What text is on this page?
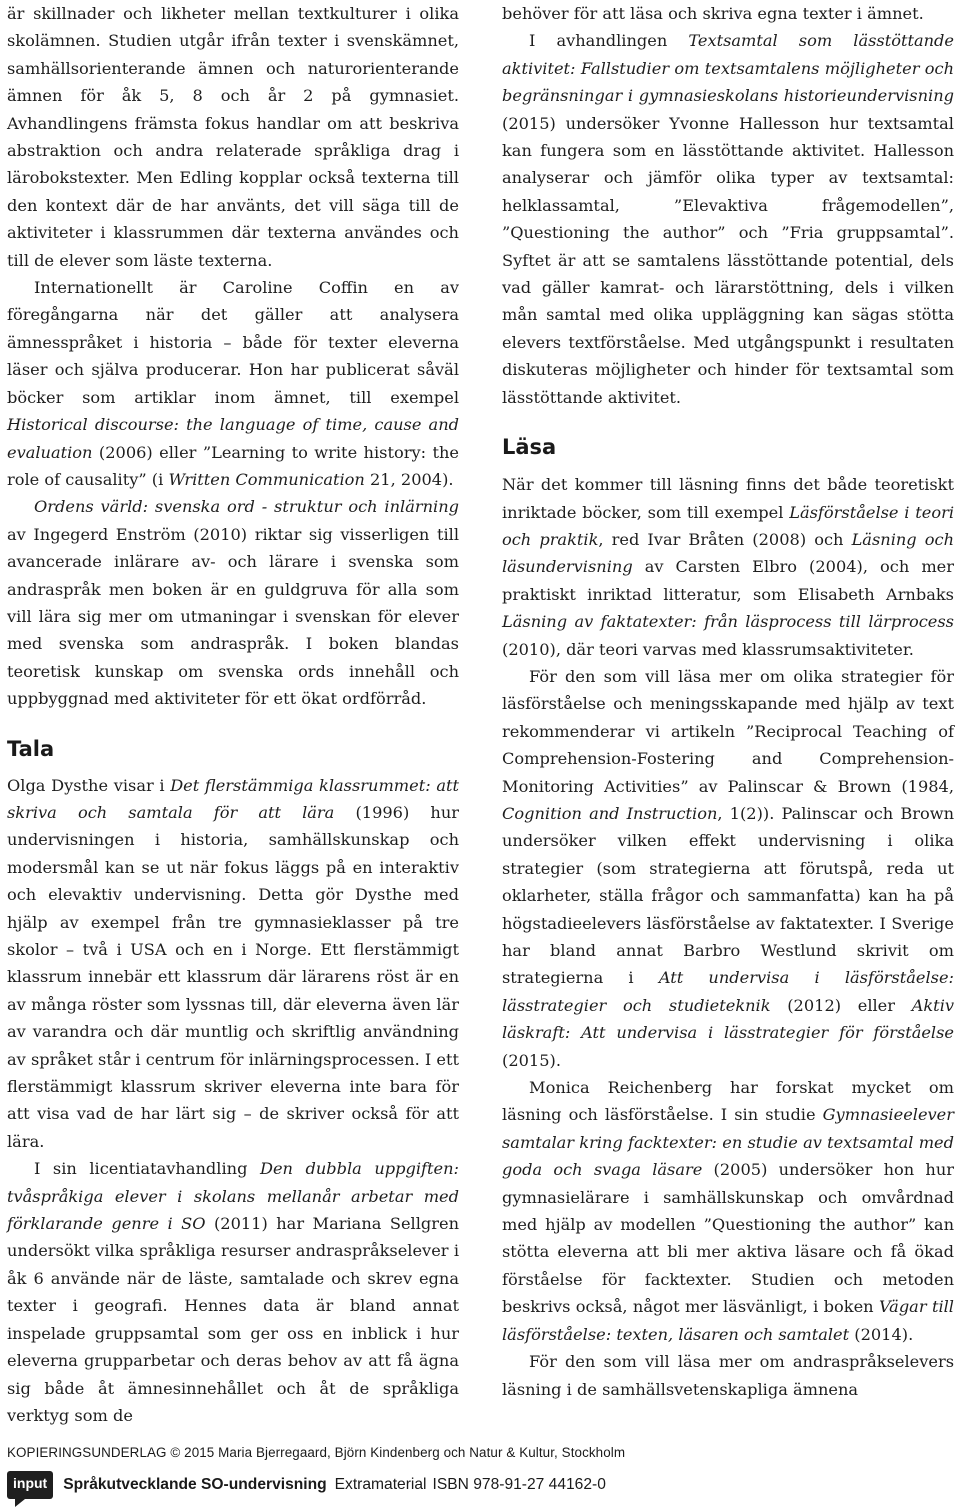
är skillnader och likheter mellan textkulturer i olika skolämnen. Studien utgår ifrån texter i svenskämnet, samhällsorienterande ämnen och naturorienterande ämnen för åk 5, 8 och år 2 på gymnasiet. Avhandlingens främsta fokus handlar om att beskriva abstraktion och andra relaterade språkliga drag i lärobokstexter. Men Edling kopplar också texterna till den kontext där de har använts, det vill säga till de aktiviteter i klassrummen där texterna användes och till de elever som läste texterna.

Internationellt är Caroline Coffin en av föregångarna när det gäller att analysera ämnesspråket i historia – både för texter eleverna läser och själva producerar. Hon har publicerat såväl böcker som artiklar inom ämnet, till exempel Historical discourse: the language of time, cause and evaluation (2006) eller ”Learning to write history: the role of causality” (i Written Communication 21, 2004).

Ordens värld: svenska ord - struktur och inlärning av Ingegerd Enström (2010) riktar sig visserligen till avancerade inlärare av- och lärare i svenska som andraspråk men boken är en guldgruva för alla som vill lära sig mer om utmaningar i svenskan för elever med svenska som andraspråk. I boken blandas teoretisk kunskap om svenska ords innehåll och uppbyggnad med aktiviteter för ett ökat ordförråd.

Tala

Olga Dysthe visar i Det flerstämmiga klassrummet: att skriva och samtala för att lära (1996) hur undervisningen i historia, samhällskunskap och modersmål kan se ut när fokus läggs på en interaktiv och elevaktiv undervisning. Detta gör Dysthe med hjälp av exempel från tre gymnasieklasser på tre skolor – två i USA och en i Norge. Ett flerstämmigt klassrum innebär ett klassrum där lärarens röst är en av många röster som lyssnas till, där eleverna även lär av varandra och där muntlig och skriftlig användning av språket står i centrum för inlärningsprocessen. I ett flerstämmigt klassrum skriver eleverna inte bara för att visa vad de har lärt sig – de skriver också för att lära.

I sin licentiatavhandling Den dubbla uppgiften: tvåspråkiga elever i skolans mellanår arbetar med förklarande genre i SO (2011) har Mariana Sellgren undersökt vilka språkliga resurser andraspråkselever i åk 6 använde när de läste, samtalade och skrev egna texter i geografi. Hennes data är bland annat inspelade gruppsamtal som ger oss en inblick i hur eleverna grupparbetar och deras behov av att få ägna sig både åt ämnesinnehållet och åt de språkliga verktyg som de

behöver för att läsa och skriva egna texter i ämnet.

I avhandlingen Textsamtal som lässtöttande aktivitet: Fallstudier om textsamtalens möjligheter och begränsningar i gymnasieskolans historieundervisning (2015) undersöker Yvonne Hallesson hur textsamtal kan fungera som en lässtöttande aktivitet. Hallesson analyserar och jämför olika typer av textsamtal: helklassamtal, ”Elevaktiva frågemodellen”, ”Questioning the author” och ”Fria gruppsamtal”. Syftet är att se samtalens lässtöttande potential, dels vad gäller kamrat- och lärarstöttning, dels i vilken mån samtal med olika uppläggning kan sägas stötta elevers textförståelse. Med utgångspunkt i resultaten diskuteras möjligheter och hinder för textsamtal som lässtöttande aktivitet.

Läsa

När det kommer till läsning finns det både teoretiskt inriktade böcker, som till exempel Läsförståelse i teori och praktik, red Ivar Bråten (2008) och Läsning och läsundervisning av Carsten Elbro (2004), och mer praktiskt inriktad litteratur, som Elisabeth Arnbaks Läsning av faktatexter: från läsprocess till lärprocess (2010), där teori varvas med klassrumsaktiviteter.

För den som vill läsa mer om olika strategier för läsförståelse och meningsskapande med hjälp av text rekommenderar vi artikeln ”Reciprocal Teaching of Comprehension-Fostering and Comprehension-Monitoring Activities” av Palinscar & Brown (1984, Cognition and Instruction, 1(2)). Palinscar och Brown undersöker vilken effekt undervisning i olika strategier (som strategierna att förutspå, reda ut oklarheter, ställa frågor och sammanfatta) kan ha på högstadieelevers läsförståelse av faktatexter. I Sverige har bland annat Barbro Westlund skrivit om strategierna i Att undervisa i läsförståelse: lässtrategier och studieteknik (2012) eller Aktiv läskraft: Att undervisa i lässtrategier för förståelse (2015).

Monica Reichenberg har forskat mycket om läsning och läsförståelse. I sin studie Gymnasieelever samtalar kring facktexter: en studie av textsamtal med goda och svaga läsare (2005) undersöker hon hur gymnasielärare i samhällskunskap och omvårdnad med hjälp av modellen ”Questioning the author” kan stötta eleverna att bli mer aktiva läsare och få ökad förståelse för facktexter. Studien och metoden beskrivs också, något mer läsvänligt, i boken Vägar till läsförståelse: texten, läsaren och samtalet (2014).

För den som vill läsa mer om andraspråkselevers läsning i de samhällsvetenskapliga ämnena

KOPIERINGSUNDERLAG © 2015 Maria Bjerregaard, Björn Kindenberg och Natur & Kultur, Stockholm
input	Språkutvecklande SO-undervisning Extramaterial ISBN 978-91-27 44162-0
